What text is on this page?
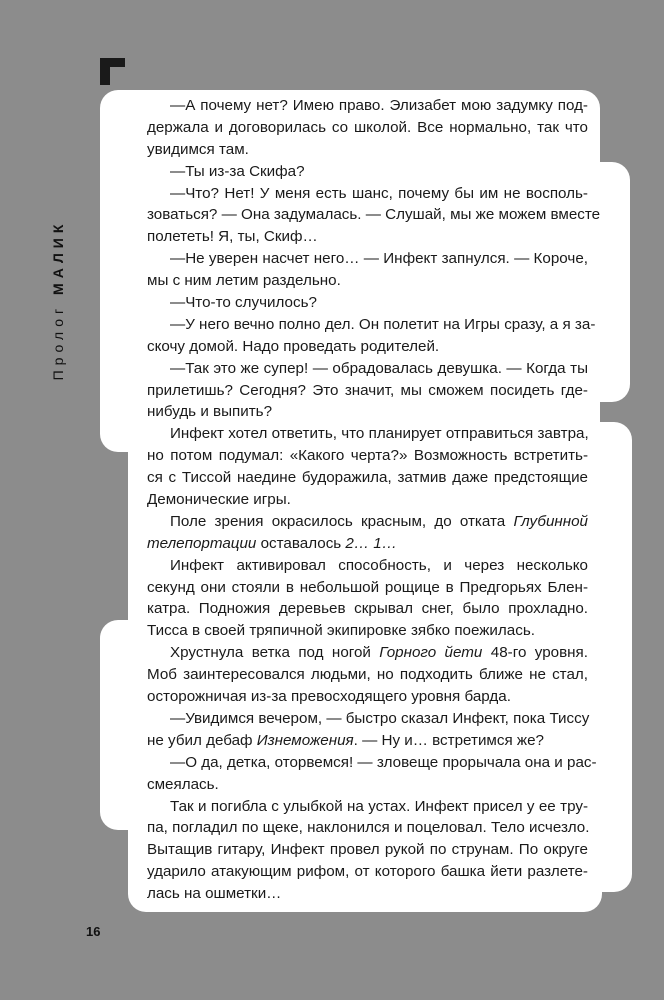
Пролог МАЛИК
—А почему нет? Имею право. Элизабет мою задумку под-
держала и договорилась со школой. Все нормально, так что
увидимся там.
—Ты из-за Скифа?
—Что? Нет! У меня есть шанс, почему бы им не восполь-
зоваться? — Она задумалась. — Слушай, мы же можем вместе
полететь! Я, ты, Скиф…
—Не уверен насчет него… — Инфект запнулся. — Короче,
мы с ним летим раздельно.
—Что-то случилось?
—У него вечно полно дел. Он полетит на Игры сразу, а я за-
скочу домой. Надо проведать родителей.
—Так это же супер! — обрадовалась девушка. — Когда ты
прилетишь? Сегодня? Это значит, мы сможем посидеть где-
нибудь и выпить?
Инфект хотел ответить, что планирует отправиться завтра,
но потом подумал: «Какого черта?» Возможность встретить-
ся с Тиссой наедине будоражила, затмив даже предстоящие
Демонические игры.
Поле зрения окрасилось красным, до отката Глубинной
телепортации оставалось 2… 1…
Инфект активировал способность, и через несколько
секунд они стояли в небольшой рощице в Предгорьях Блен-
катра. Подножия деревьев скрывал снег, было прохладно.
Тисса в своей тряпичной экипировке зябко поежилась.
Хрустнула ветка под ногой Горного йети 48-го уровня.
Моб заинтересовался людьми, но подходить ближе не стал,
осторожничая из-за превосходящего уровня барда.
—Увидимся вечером, — быстро сказал Инфект, пока Тиссу
не убил дебаф Изнеможения. — Ну и… встретимся же?
—О да, детка, оторвемся! — зловеще прорычала она и рас-
смеялась.
Так и погибла с улыбкой на устах. Инфект присел у ее тру-
па, погладил по щеке, наклонился и поцеловал. Тело исчезло.
Вытащив гитару, Инфект провел рукой по струнам. По округе
ударило атакующим рифом, от которого башка йети разлете-
лась на ошметки…
16
